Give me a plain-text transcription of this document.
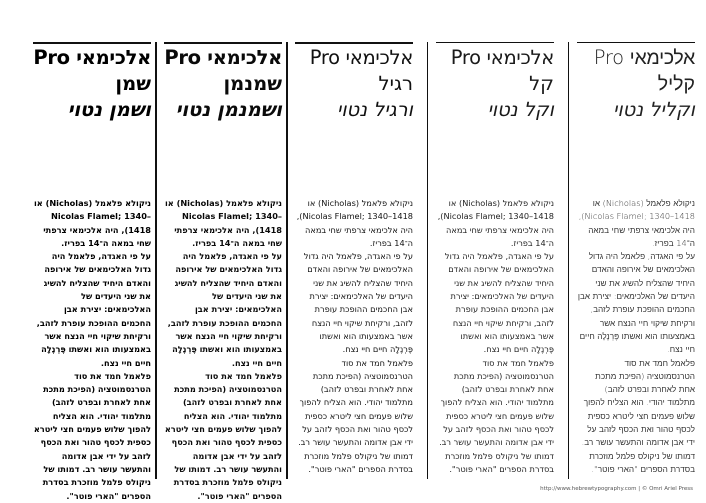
אלכימאי Pro
קליל
וקליל נטוי

ניקולא פלאמל (Nicholas) או Nicolas Flamel; 1340–1418), היה אלכימאי צרפתי שחי במאה ה־14 בפריז.

על פי האגדה, פלאמל היה גדול האלכימאים של אירופה והאדם היחיד שהצליח להשיג את שני היעדים של האלכימאים: יצירת אבן החכמים ההופכת עופרת לזהב, ורקיחת שיקוי חיי הנצח אשר באמצעותו הוא ואשתו פֶּרְנֶלָה חיים חיי נצח.

פלאמל חמד את סוד הטרנסמוטציה (הפיכת מתכת אחת לאחרת ובפרט לזהב) מתלמוד יהודי. הוא הצליח להפוך שלוש פעמים חצי ליטרא כספית לכסף טהור ואת הכסף לזהב על ידי אבן אדומה והתעשר עושר רב. דמותו של ניקולס פלמל מוזכרת בסדרת הספרים "הארי פוטר".

אלכימאי Pro
קל
וקל נטוי

ניקולא פלאמל (Nicholas) או Nicolas Flamel; 1340–1418), היה אלכימאי צרפתי שחי במאה ה־14 בפריז.

על פי האגדה, פלאמל היה גדול האלכימאים של אירופה והאדם היחיד שהצליח להשיג את שני היעדים של האלכימאים: יצירת אבן החכמים ההופכת עופרת לזהב, ורקיחת שיקוי חיי הנצח אשר באמצעותו הוא ואשתו פֶּרְנֶלָה חיים חיי נצח.

פלאמל חמד את סוד הטרנסמוטציה (הפיכת מתכת אחת לאחרת ובפרט לזהב) מתלמוד יהודי. הוא הצליח להפוך שלוש פעמים חצי ליטרא כספית לכסף טהור ואת הכסף לזהב על ידי אבן אדומה והתעשר עושר רב. דמותו של ניקולס פלמל מוזכרת בסדרת הספרים "הארי פוטר".

אלכימאי Pro
רגיל
ורגיל נטוי

ניקולא פלאמל (Nicholas) או Nicolas Flamel; 1340–1418), היה אלכימאי צרפתי שחי במאה ה־14 בפריז.

על פי האגדה, פלאמל היה גדול האלכימאים של אירופה והאדם היחיד שהצליח להשיג את שני היעדים של האלכימאים: יצירת אבן החכמים ההופכת עופרת לזהב, ורקיחת שיקוי חיי הנצח אשר באמצעותו הוא ואשתו פֶּרְנֶלָה חיים חיי נצח.

פלאמל חמד את סוד הטרנסמוטציה (הפיכת מתכת אחת לאחרת ובפרט לזהב) מתלמוד יהודי. הוא הצליח להפוך שלוש פעמים חצי ליטרא כספית לכסף טהור ואת הכסף לזהב על ידי אבן אדומה והתעשר עושר רב. דמותו של ניקולס פלמל מוזכרת בסדרת הספרים "הארי פוטר".

אלכימאי Pro
שמנמן
ושמנמן נטוי

ניקולא פלאמל (Nicholas) או Nicolas Flamel; 1340–1418), היה אלכימאי צרפתי שחי במאה ה־14 בפריז.

על פי האגדה, פלאמל היה גדול האלכימאים של אירופה והאדם היחיד שהצליח להשיג את שני היעדים של האלכימאים: יצירת אבן החכמים ההופכת עופרת לזהב, ורקיחת שיקוי חיי הנצח אשר באמצעותו הוא ואשתו פֶּרְנֶלָה חיים חיי נצח.

פלאמל חמד את סוד הטרנסמוטציה (הפיכת מתכת אחת לאחרת ובפרט לזהב) מתלמוד יהודי. הוא הצליח להפוך שלוש פעמים חצי ליטרא כספית לכסף טהור ואת הכסף לזהב על ידי אבן אדומה והתעשר עושר רב. דמותו של ניקולס פלמל מוזכרת בסדרת הספרים "הארי פוטר".

אלכימאי Pro
שמן
ושמן נטוי

ניקולא פלאמל (Nicholas) או Nicolas Flamel; 1340–1418), היה אלכימאי צרפתי שחי במאה ה־14 בפריז.

על פי האגדה, פלאמל היה גדול האלכימאים של אירופה והאדם היחיד שהצליח להשיג את שני היעדים של האלכימאים: יצירת אבן החכמים ההופכת עופרת לזהב, ורקיחת שיקוי חיי הנצח אשר באמצעותו הוא ואשתו פֶּרְנֶלָה חיים חיי נצח.

פלאמל חמד את סוד הטרנסמוטציה (הפיכת מתכת אחת לאחרת ובפרט לזהב) מתלמוד יהודי. הוא הצליח להפוך שלוש פעמים חצי ליטרא כספית לכסף טהור ואת הכסף לזהב על ידי אבן אדומה והתעשר עושר רב. דמותו של ניקולס פלמל מוזכרת בסדרת הספרים "הארי פוטר".

http://www.hebrewtypography.com | © Omri Ariel Press
